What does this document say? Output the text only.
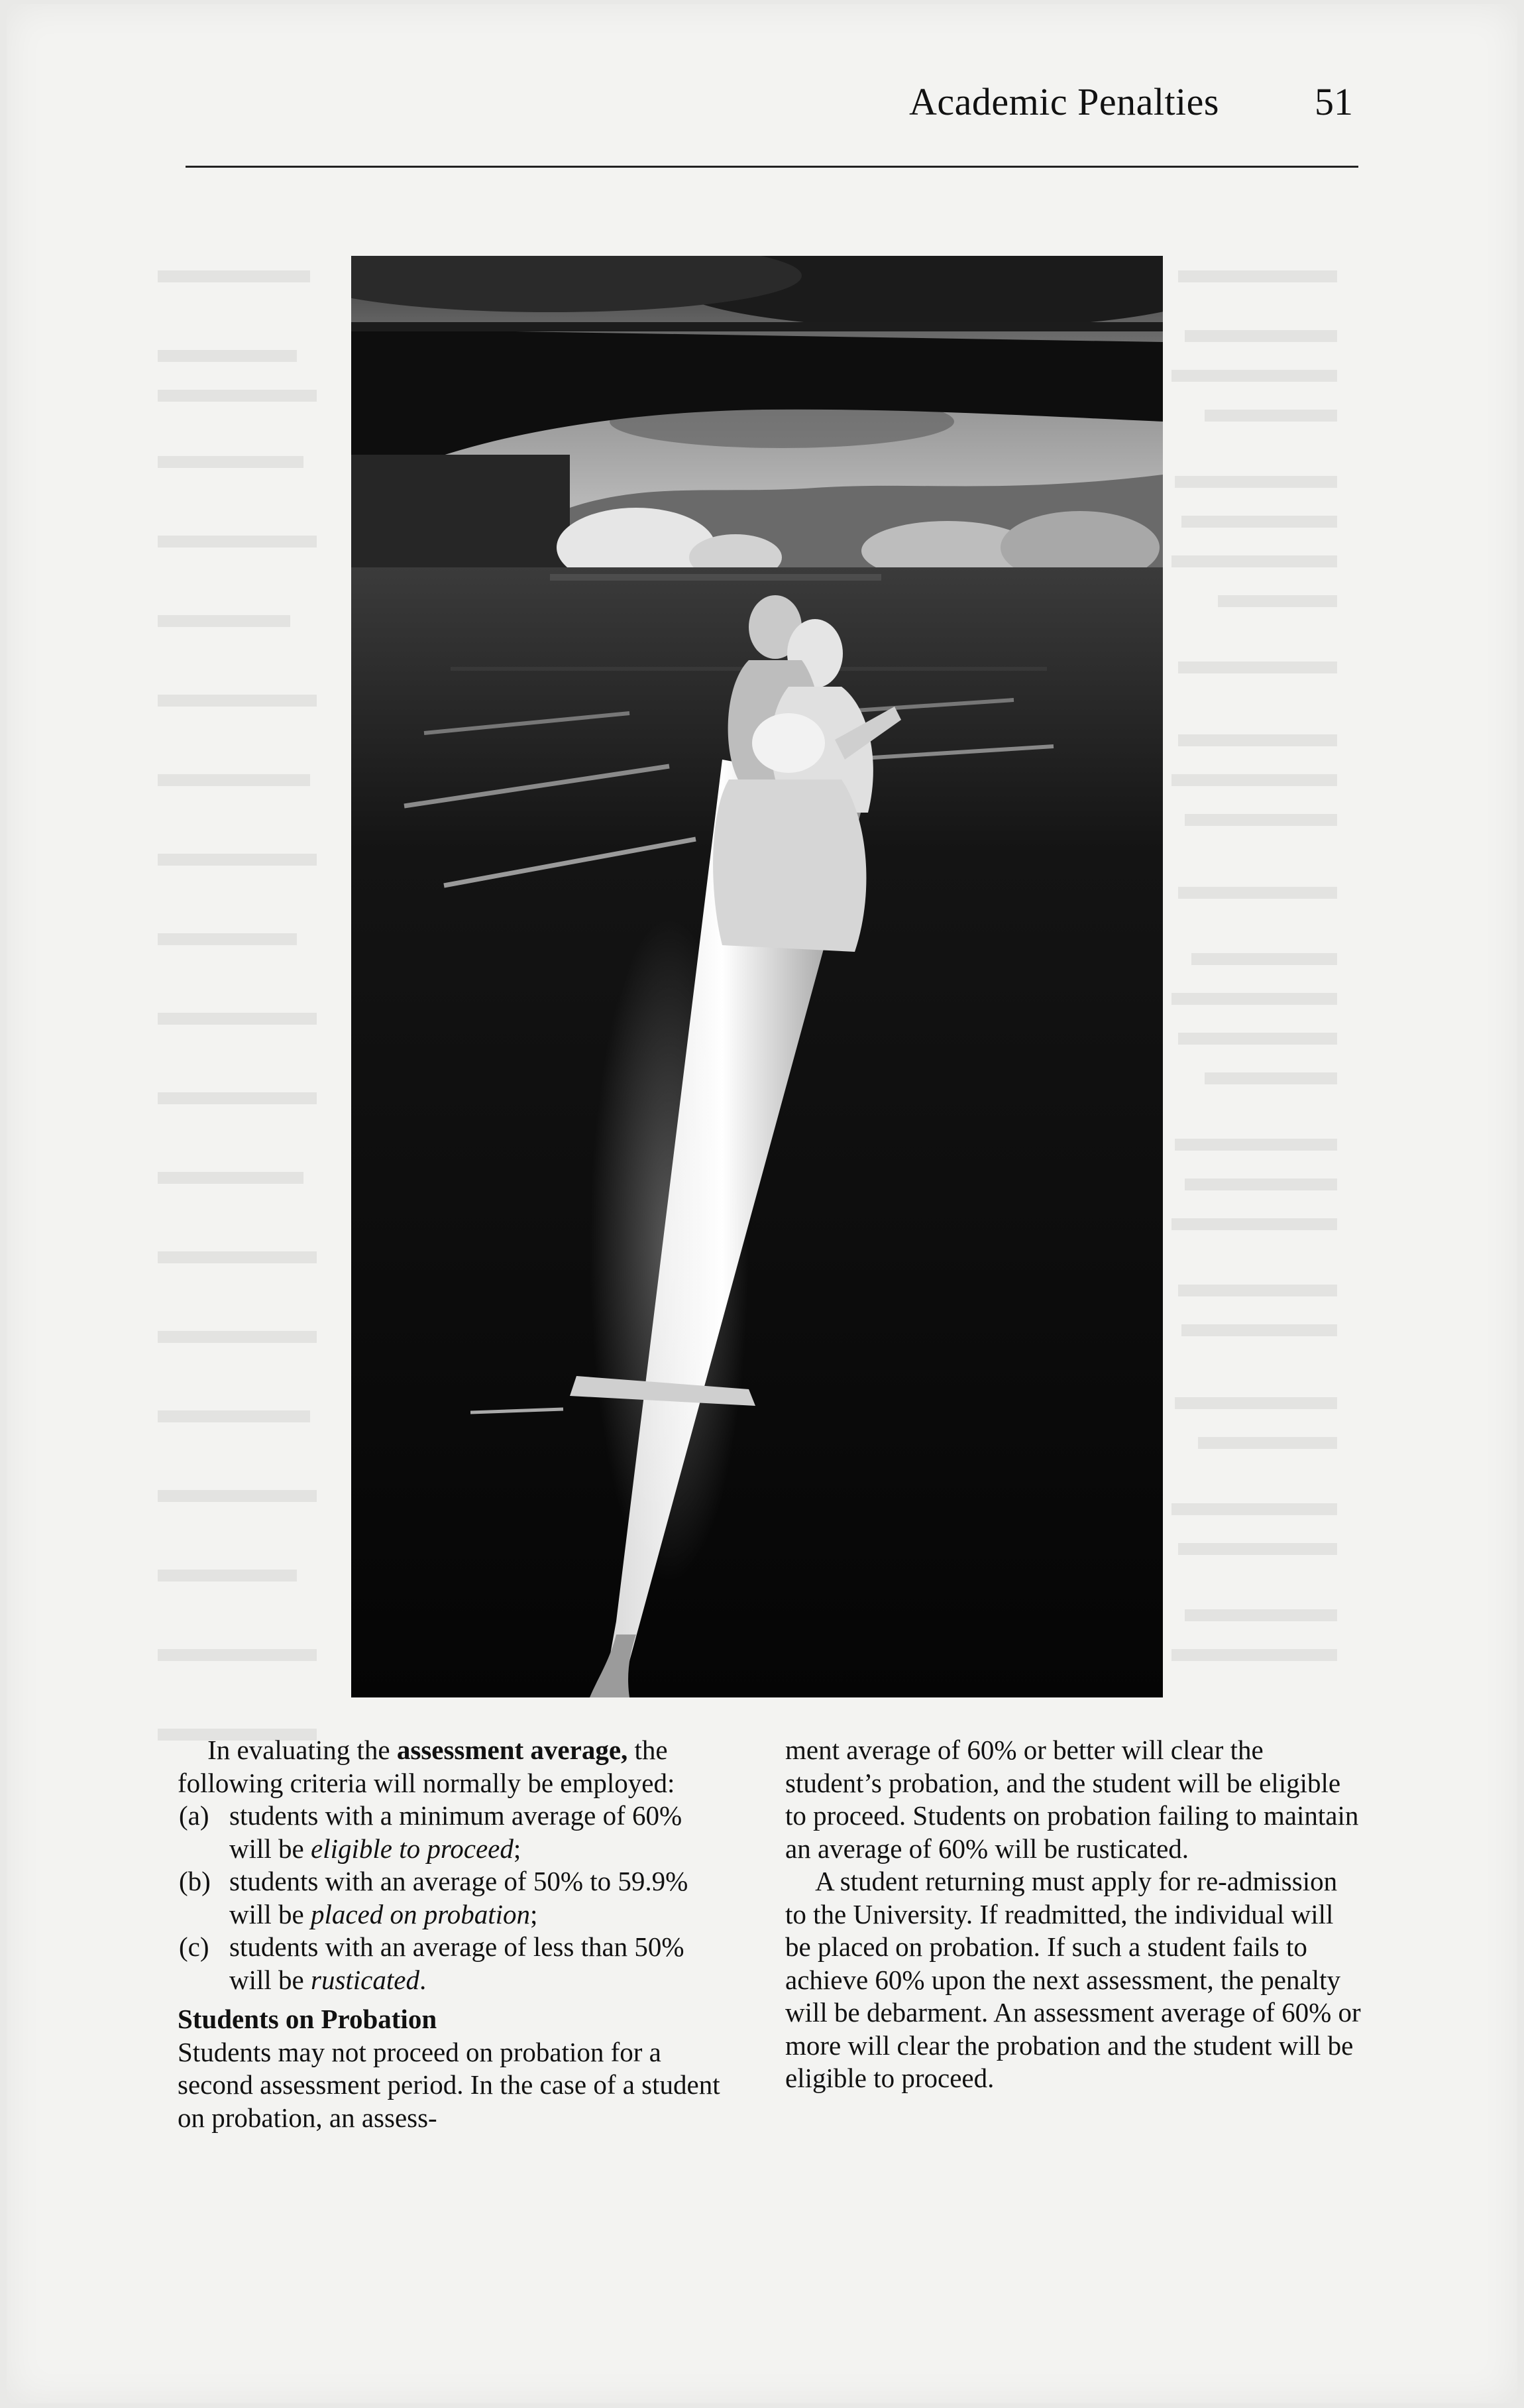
Academic Penalties 51

In evaluating the assessment average, the following criteria will normally be employed:

(a) students with a minimum average of 60% will be eligible to proceed;

(b) students with an average of 50% to 59.9% will be placed on probation;

(c) students with an average of less than 50% will be rusticated.

Students on Probation

Students may not proceed on probation for a second assessment period. In the case of a student on probation, an assess-

ment average of 60% or better will clear the student’s probation, and the student will be eligible to proceed. Students on probation failing to maintain an average of 60% will be rusticated.

A student returning must apply for re-admission to the University. If readmitted, the individual will be placed on probation. If such a student fails to achieve 60% upon the next assessment, the penalty will be debarment. An assessment average of 60% or more will clear the probation and the student will be eligible to proceed.
